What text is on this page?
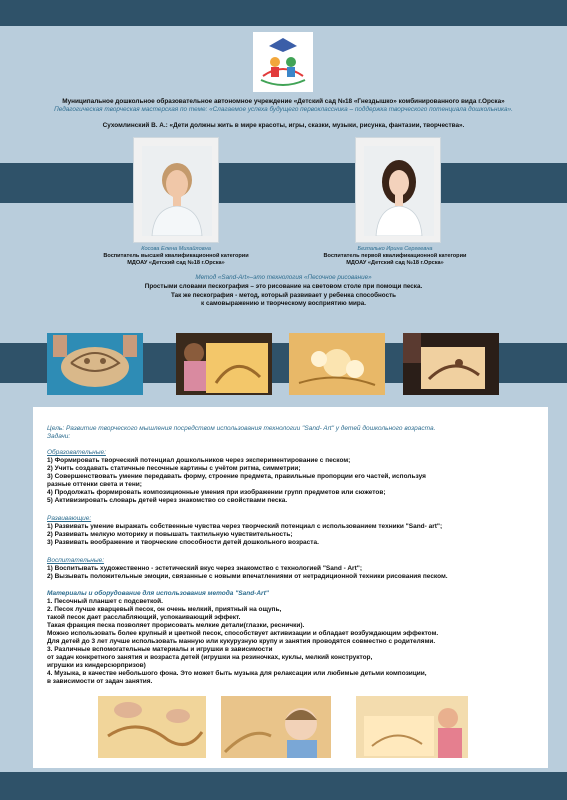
Муниципальное дошкольное образовательное автономное учреждение «Детский сад №18 «Гнездышко» комбинированного вида г.Орска»
Педагогическая творческая мастерская по теме: «Слагаемое успеха будущего первоклассника – поддержка творческого потенциала дошкольника».
Сухомлинский В. А.: «Дети должны жить в мире красоты, игры, сказки, музыки, рисунка, фантазии, творчества».
Косова Елена Михайловна
Воспитатель высшей квалификационной категории
МДОАУ «Детский сад №18 г.Орска»
Безпалько Ирина Сергеевна
Воспитатель первой квалификационной категории
МДОАУ «Детский сад №18 г.Орска»
Метод «Sand-Art»–это технология «Песочное рисование»
Простыми словами пескография – это рисование на световом столе при помощи песка.
Так же пескография - метод, который развивает у ребенка способность
к самовыражению и творческому восприятию мира.
Цель: Развитие творческого мышления посредством использования технологии "Sand- Art" у детей дошкольного возраста.
Задачи:
Образовательные:
1) Формировать творческий потенциал дошкольников через экспериментирование с песком;
2) Учить создавать статичные песочные картины с учётом ритма, симметрии;
3) Совершенствовать умение передавать форму, строение предмета, правильные пропорции его частей, используя
разные оттенки света и тени;
4) Продолжать формировать композиционные умения при изображении групп предметов или сюжетов;
5) Активизировать словарь детей через знакомство со свойствами песка.
Развивающие:
1) Развивать умение выражать собственные чувства через творческий потенциал с использованием техники "Sand- art";
2) Развивать мелкую моторику и повышать тактильную чувствительность;
3) Развивать воображение и творческие способности детей дошкольного возраста.
Воспитательные:
1) Воспитывать художественно - эстетический вкус через знакомство с технологией "Sand - Art";
2) Вызывать положительные эмоции, связанные с новыми впечатлениями от нетрадиционной техники рисования песком.
Материалы и оборудование для использования метода "Sand-Art"
1. Песочный планшет с подсветкой.
2. Песок лучше кварцевый песок, он очень мелкий, приятный на ощупь,
такой песок дает расслабляющий, успокаивающий эффект.
Такая фракция песка позволяет прорисовать мелкие детали(глазки, реснички).
Можно использовать более крупный и цветной песок, способствует активизации и обладает возбуждающим эффектом.
Для детей до 3 лет лучше использовать манную или кукурузную крупу и занятия проводятся совместно с родителями.
3. Различные вспомогательные материалы и игрушки в зависимости
от задач конкретного занятия и возраста детей (игрушки на резиночках, куклы, мелкий конструктор,
игрушки из киндерсюрпризов)
4. Музыка, в качестве небольшого фона. Это может быть музыка для релаксации или любимые детьми композиции,
в зависимости от задач занятия.
